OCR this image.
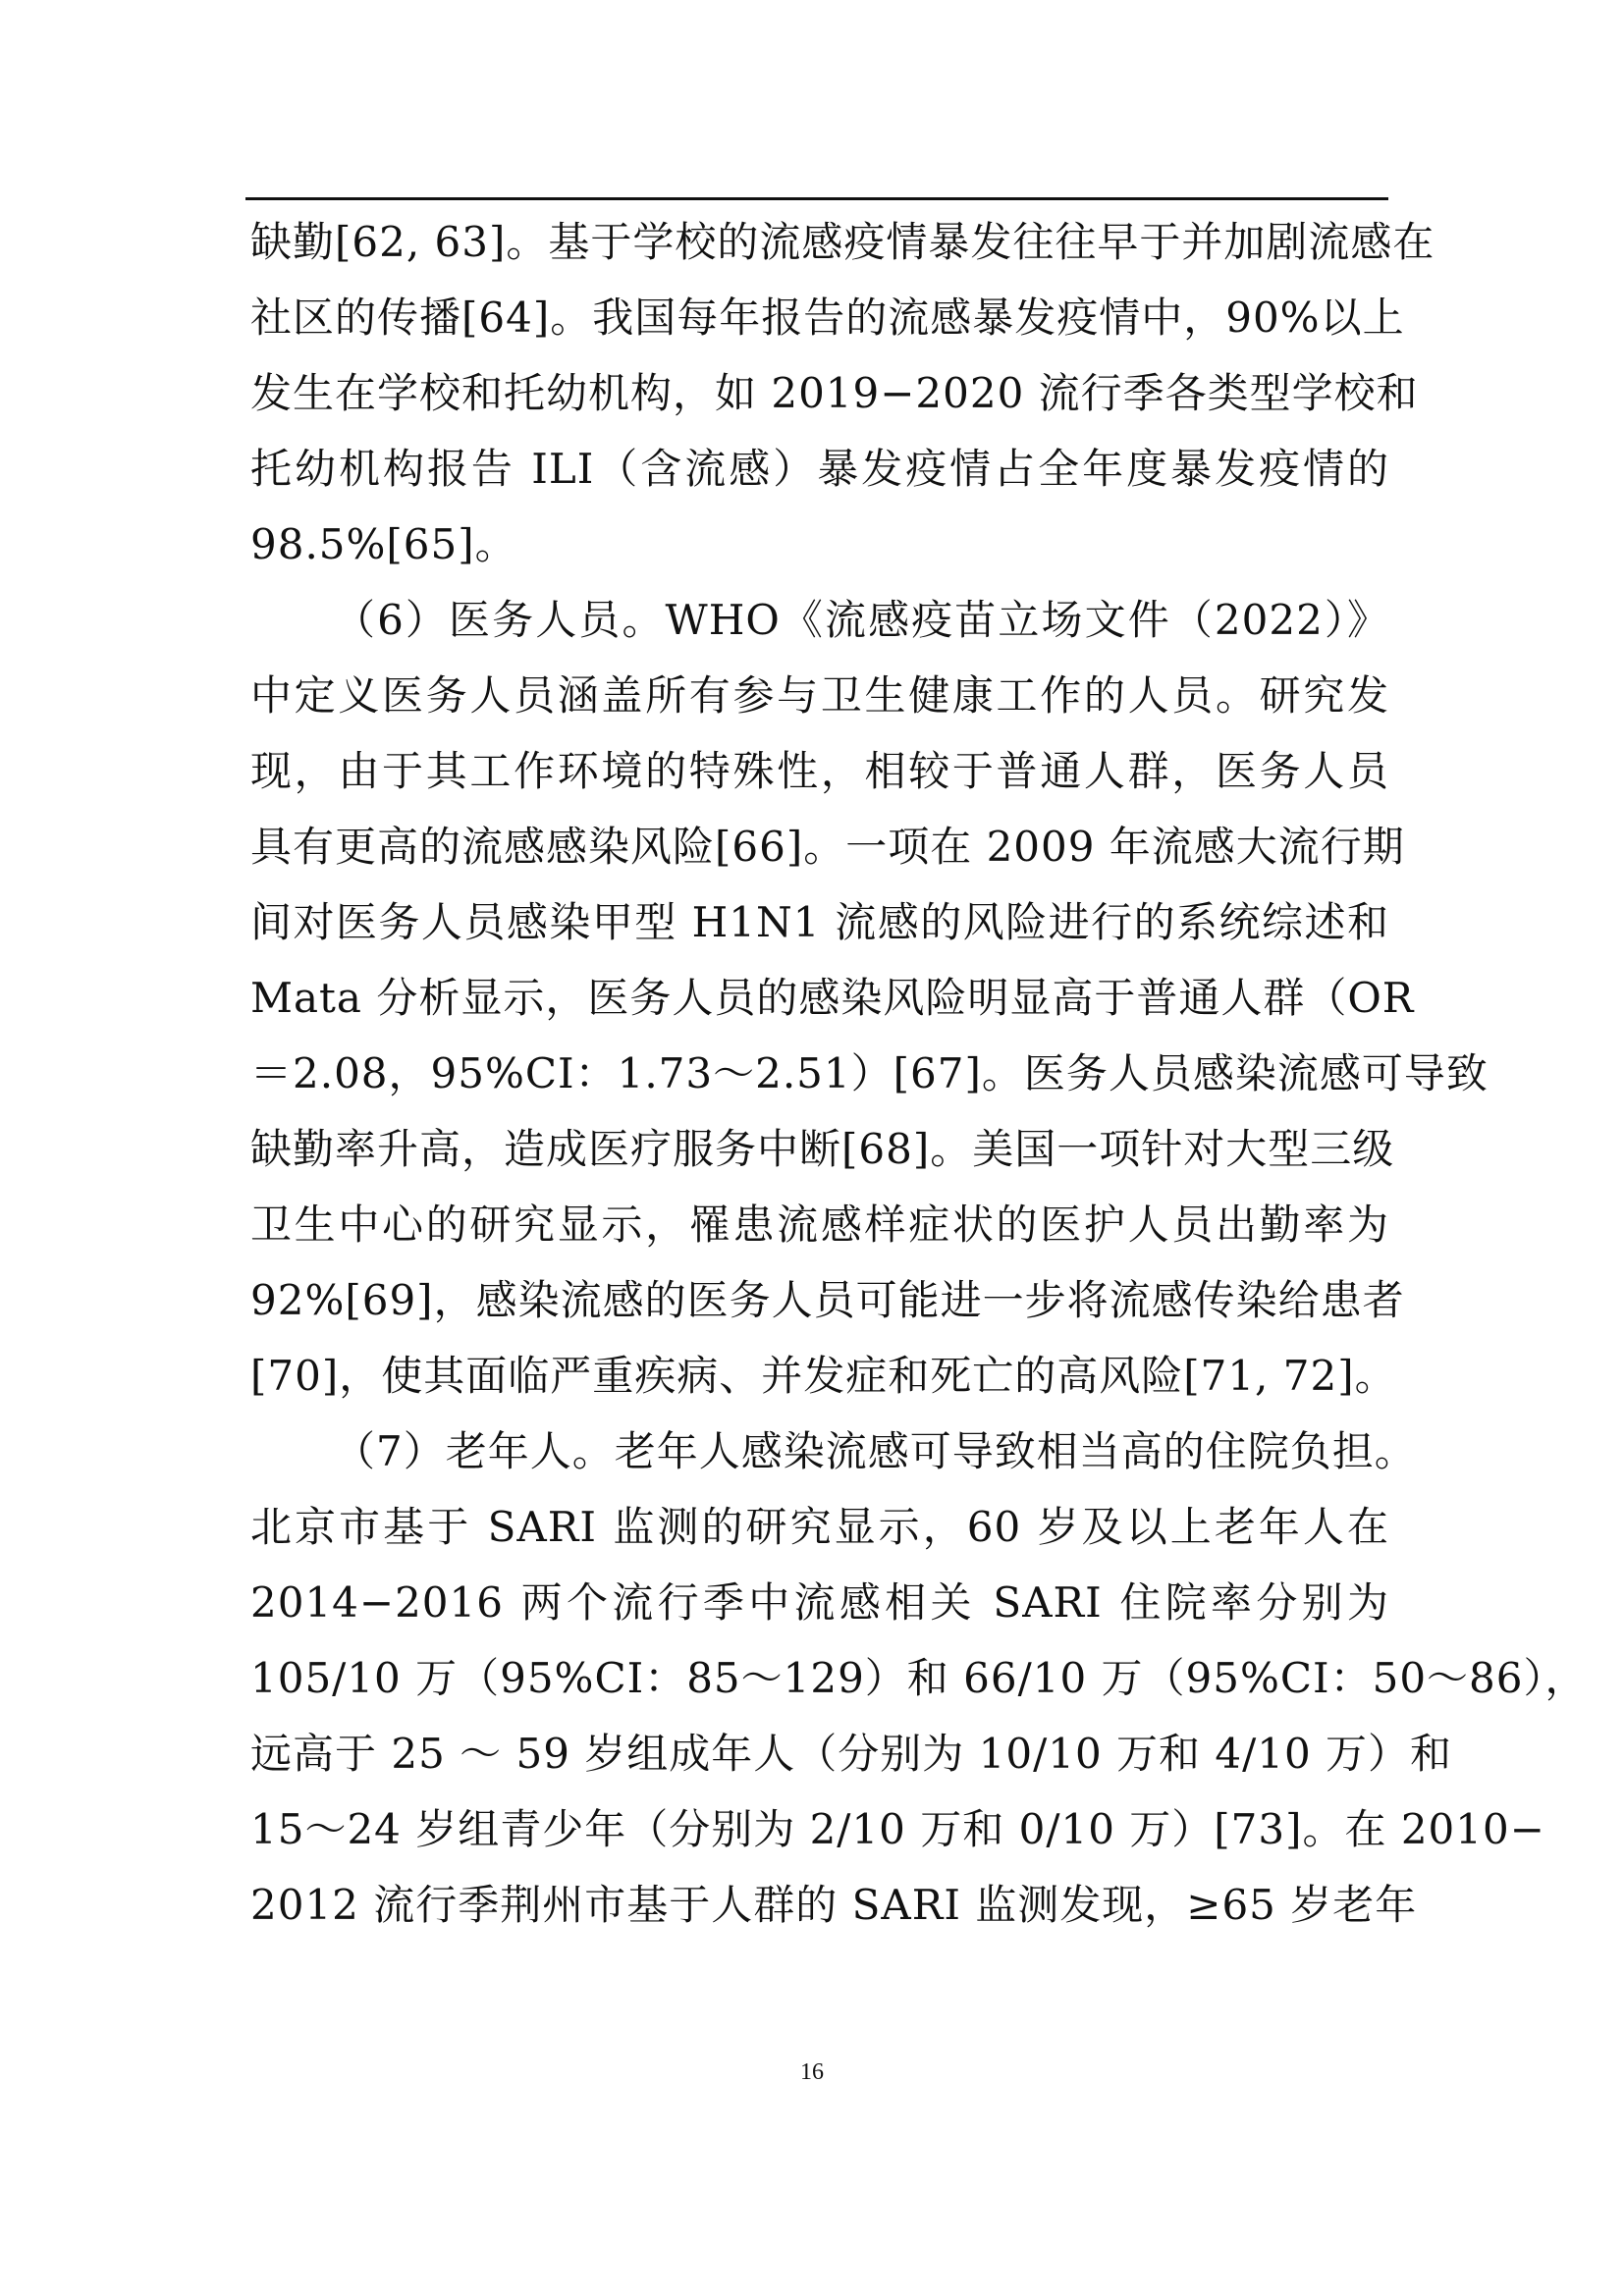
缺勤[62, 63]。基于学校的流感疫情暴发往往早于并加剧流感在
社区的传播[64]。我国每年报告的流感暴发疫情中，90%以上
发生在学校和托幼机构，如 2019−2020 流行季各类型学校和
托幼机构报告 ILI（含流感）暴发疫情占全年度暴发疫情的
98.5%[65]。
（6）医务人员。WHO《流感疫苗立场文件（2022）》
中定义医务人员涵盖所有参与卫生健康工作的人员。研究发
现，由于其工作环境的特殊性，相较于普通人群，医务人员
具有更高的流感感染风险[66]。一项在 2009 年流感大流行期
间对医务人员感染甲型 H1N1 流感的风险进行的系统综述和
Mata 分析显示，医务人员的感染风险明显高于普通人群（OR
＝2.08，95%CI：1.73～2.51）[67]。医务人员感染流感可导致
缺勤率升高，造成医疗服务中断[68]。美国一项针对大型三级
卫生中心的研究显示，罹患流感样症状的医护人员出勤率为
92%[69]，感染流感的医务人员可能进一步将流感传染给患者
[70]，使其面临严重疾病、并发症和死亡的高风险[71, 72]。
（7）老年人。老年人感染流感可导致相当高的住院负担。
北京市基于 SARI 监测的研究显示，60 岁及以上老年人在
2014−2016 两个流行季中流感相关 SARI 住院率分别为
105/10 万（95%CI：85～129）和 66/10 万（95%CI：50～86），
远高于 25 ～ 59 岁组成年人（分别为 10/10 万和 4/10 万）和
15～24 岁组青少年（分别为 2/10 万和 0/10 万）[73]。在 2010−
2012 流行季荆州市基于人群的 SARI 监测发现，≥65 岁老年
16
